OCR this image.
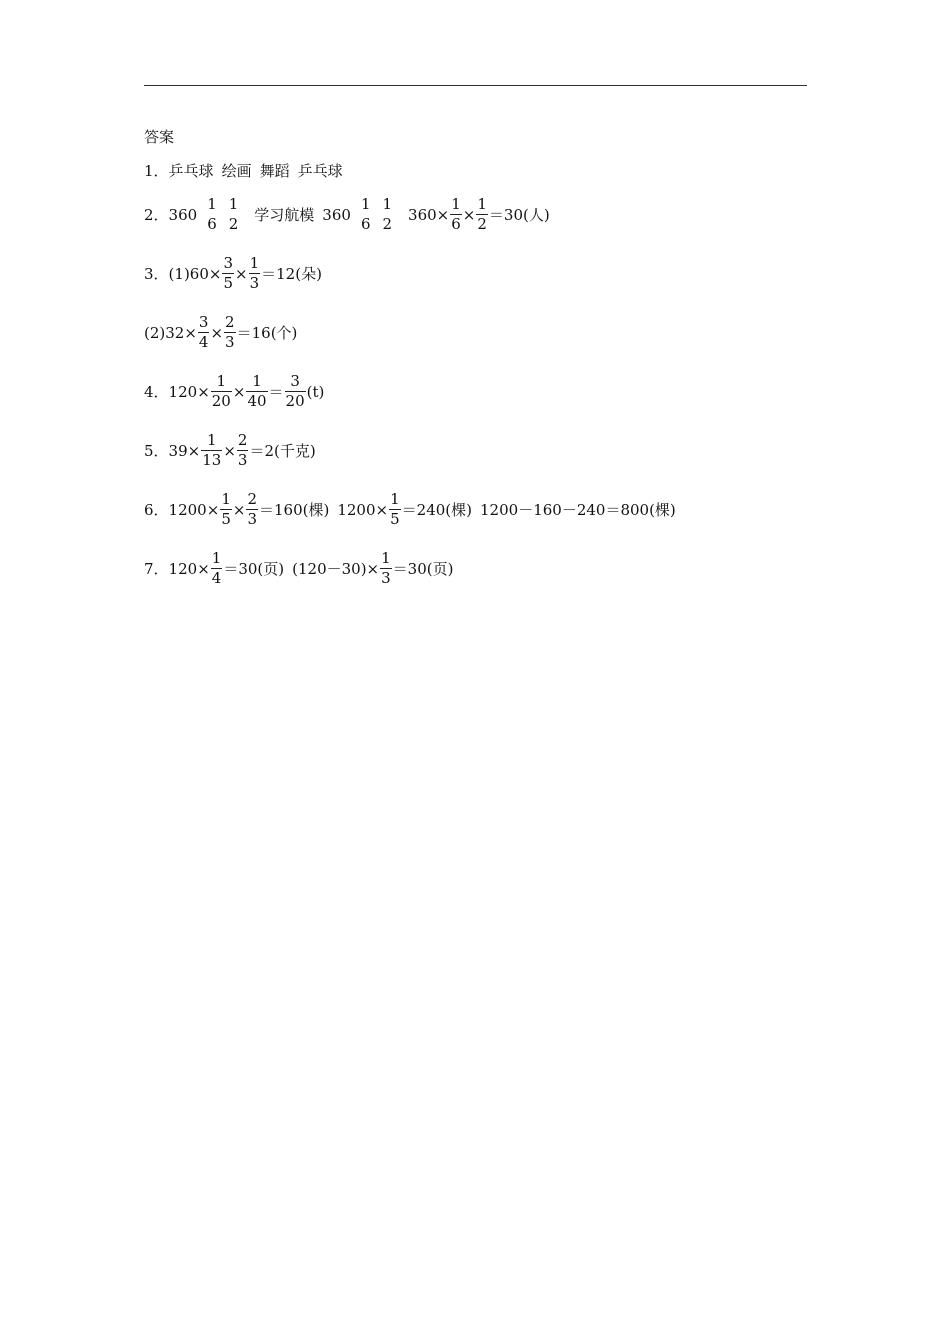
答案
1． 乒乓球 绘画 舞蹈 乒乓球
2． 360
1
6
1
2 学习航模 360
1
6
1
2
$360 \times \frac{1}{6} \times \frac{1}{2} =30$ (人)
3．(1) $60 \times \frac{3}{5} \times \frac{1}{3} =12$ (朵)
(2) $32 \times \frac{3}{4} \times \frac{2}{3} =16$ (个)
4． $120 \times \frac{1}{20} \times \frac{1}{40} = \frac{3}{20} (t)$
5． $39 \times \frac{1}{13} \times \frac{2}{3} =2$ (千克)
6． $1200 \times \frac{1}{5} \times \frac{2}{3} =160$ (棵) $1200 \times \frac{1}{5} =240$ (棵) 1200－160－240＝800(棵)
7． $120 \times \frac{1}{4} =30$ (页) $(120-30) \times \frac{1}{3} =30$ (页)
